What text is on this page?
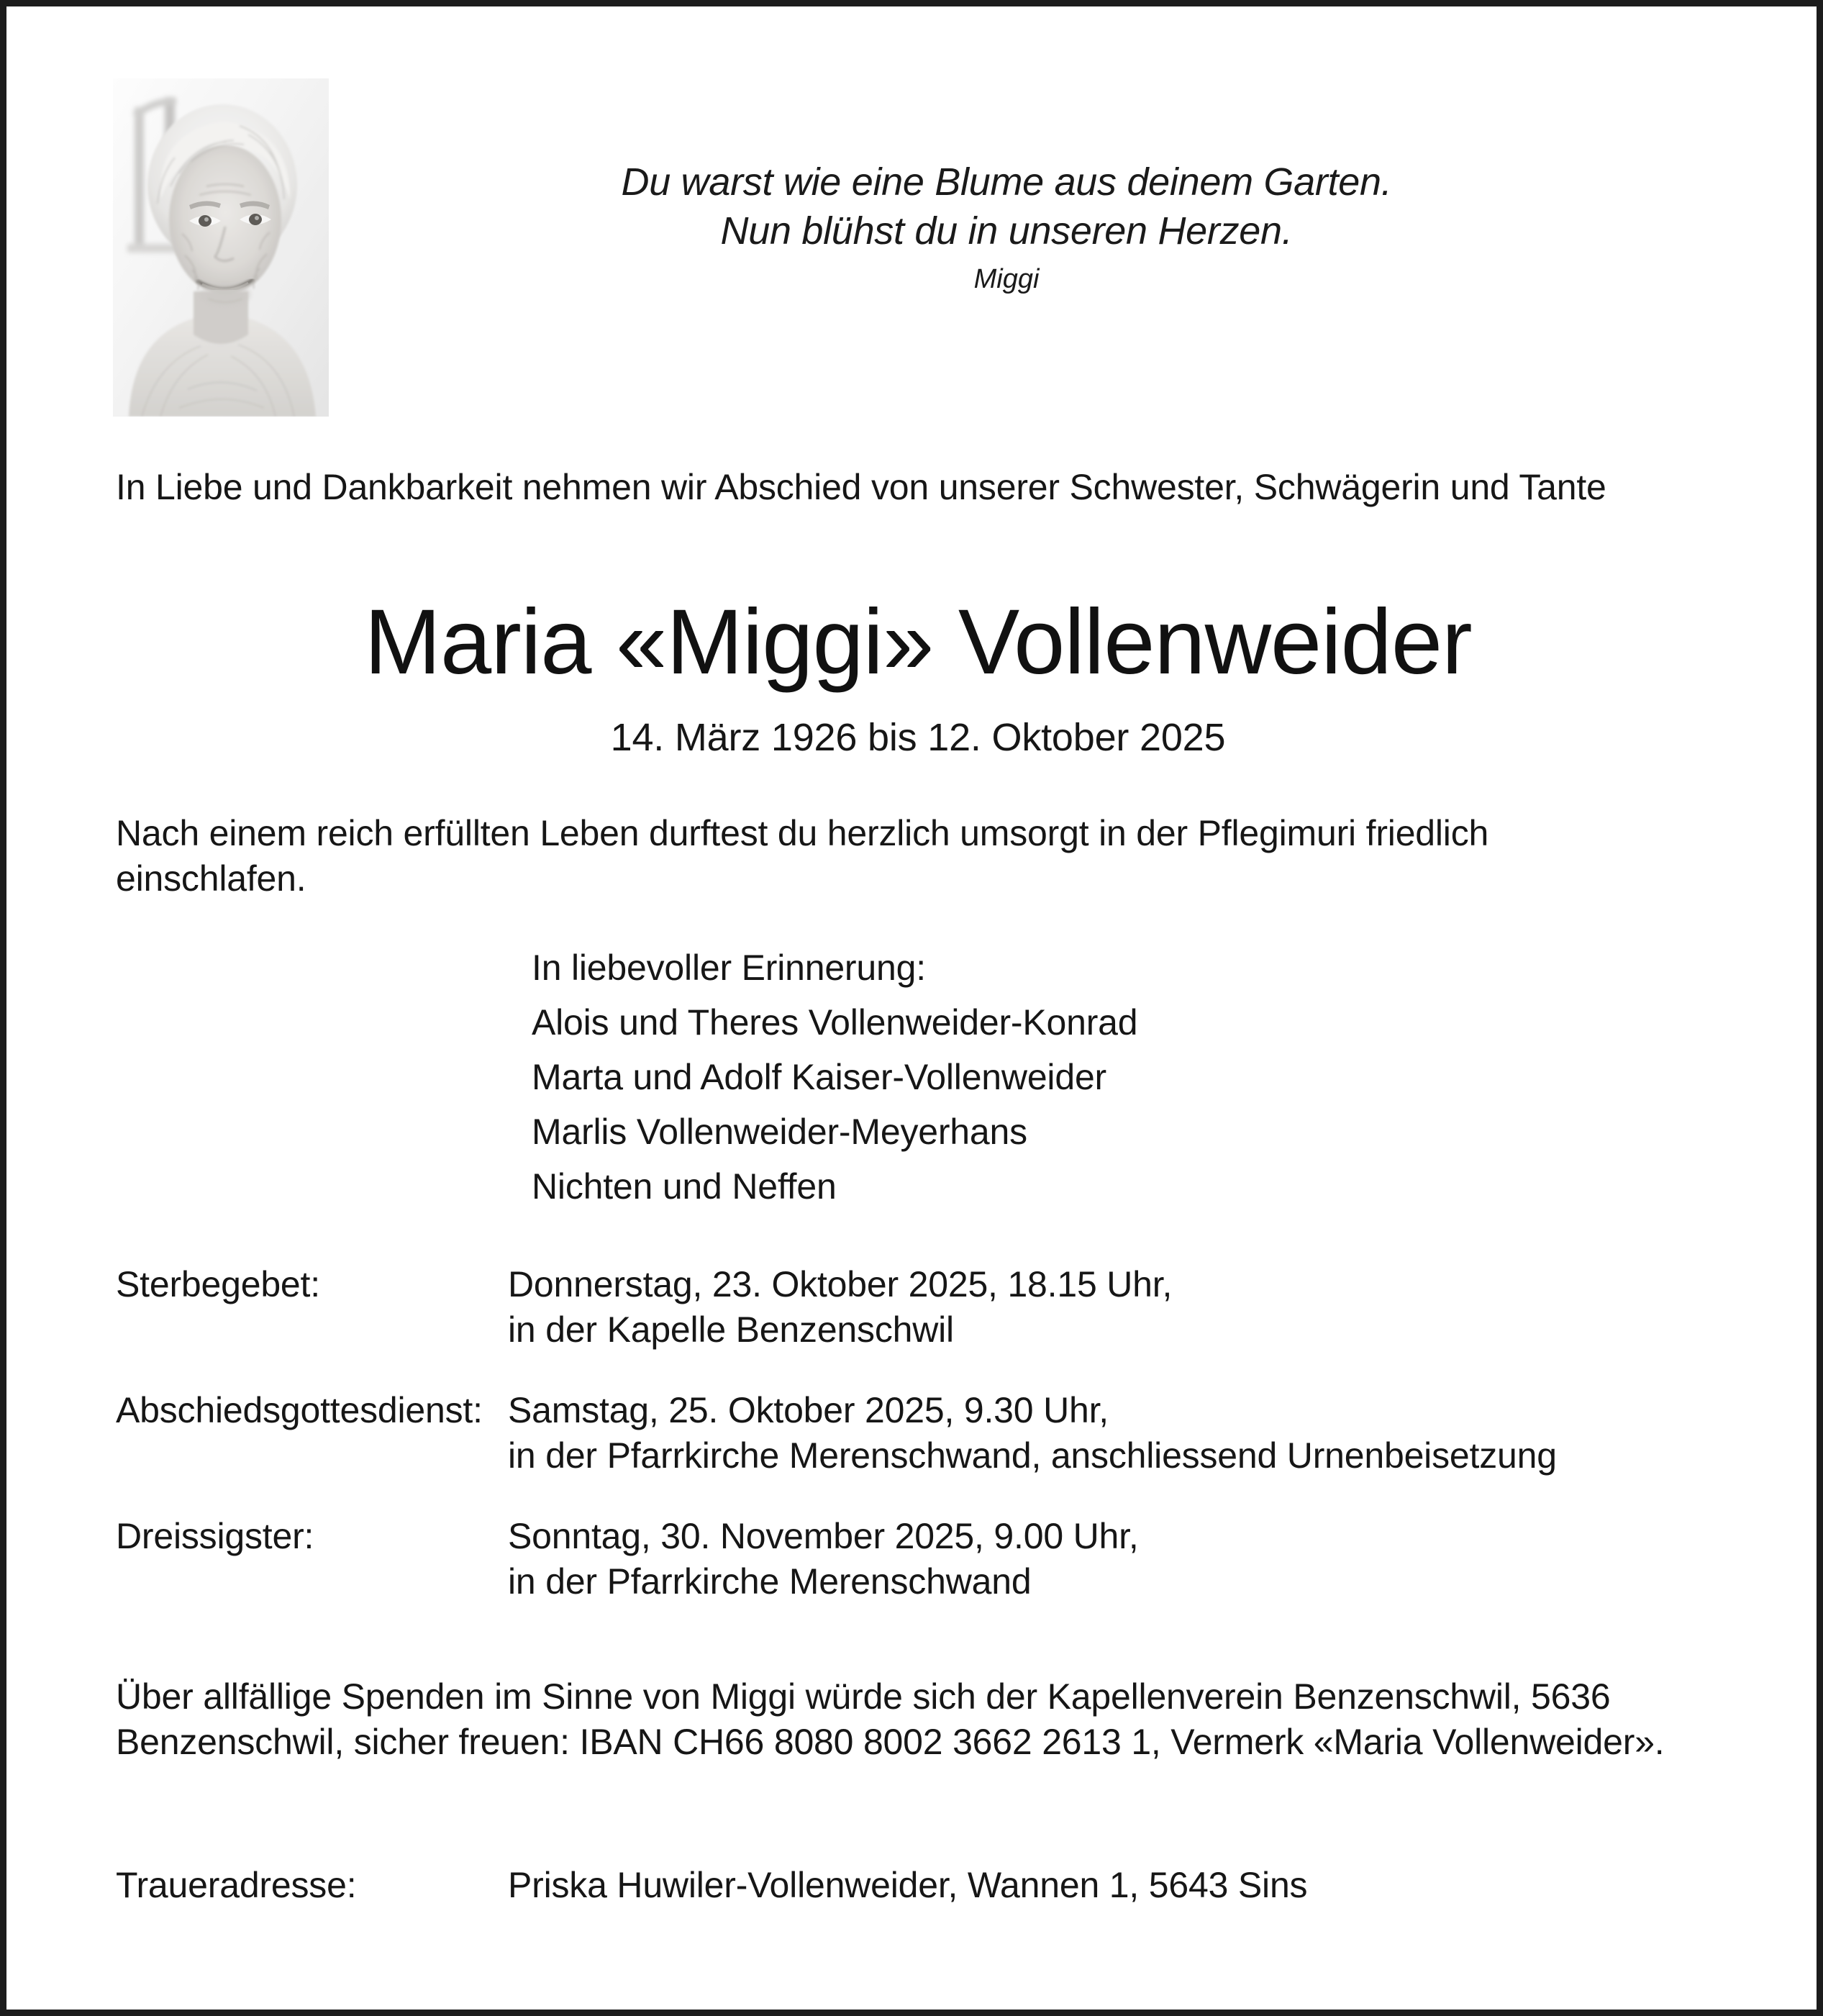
Du warst wie eine Blume aus deinem Garten.
Nun blühst du in unseren Herzen.
Miggi
In Liebe und Dankbarkeit nehmen wir Abschied von unserer Schwester, Schwägerin und Tante
Maria «Miggi» Vollenweider
14. März 1926 bis 12. Oktober 2025
Nach einem reich erfüllten Leben durftest du herzlich umsorgt in der Pflegimuri friedlich einschlafen.
In liebevoller Erinnerung:
Alois und Theres Vollenweider-Konrad
Marta und Adolf Kaiser-Vollenweider
Marlis Vollenweider-Meyerhans
Nichten und Neffen
Sterbegebet:	Donnerstag, 23. Oktober 2025, 18.15 Uhr,
in der Kapelle Benzenschwil
Abschiedsgottesdienst: Samstag, 25. Oktober 2025, 9.30 Uhr,
in der Pfarrkirche Merenschwand, anschliessend Urnenbeisetzung
Dreissigster:	Sonntag, 30. November 2025, 9.00 Uhr,
in der Pfarrkirche Merenschwand
Über allfällige Spenden im Sinne von Miggi würde sich der Kapellenverein Benzenschwil, 5636 Benzenschwil, sicher freuen: IBAN CH66 8080 8002 3662 2613 1, Vermerk «Maria Vollenweider».
Traueradresse:	Priska Huwiler-Vollenweider, Wannen 1, 5643 Sins
